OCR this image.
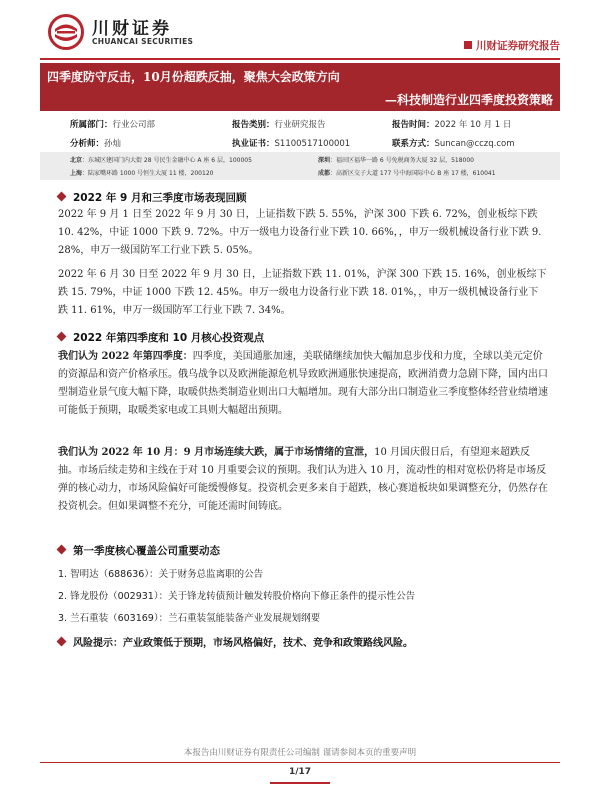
川财证券
CHUANCAI SECURITIES	川财证券研究报告
四季度防守反击，10月份超跌反抽，聚焦大会政策方向
—科技制造行业四季度投资策略
所属部门：行业公司部	报告类别：行业研究报告	报告时间：2022 年 10 月 1 日
分析师：孙灿	执业证书：S1100517100001	联系方式：Suncan@cczq.com
北京：东城区建国门内大街 28 号民生金融中心 A 座 6 层，100005	深圳：福田区福华一路 6 号免税商务大厦 32 层，518000
上海：陆家嘴环路 1000 号恒生大厦 11 楼，200120	成都：高新区交子大道 177 号中海国际中心 B 座 17 楼，610041
2022 年 9 月和三季度市场表现回顾
2022 年 9 月 1 日至 2022 年 9 月 30 日，上证指数下跌 5. 55%，沪深 300 下跌 6. 72%，创业板综下跌 10. 42%，中证 1000 下跌 9. 72%。中万一级电力设备行业下跌 10. 66%，，申万一级机械设备行业下跌 9. 28%，申万一级国防军工行业下跌 5. 05%。
2022 年 6 月 30 日至 2022 年 9 月 30 日，上证指数下跌 11. 01%，沪深 300 下跌 15. 16%，创业板综下跌 15. 79%，中证 1000 下跌 12. 45%。申万一级电力设备行业下跌 18. 01%，，申万一级机械设备行业下跌 11. 61%，申万一级国防军工行业下跌 7. 34%。
2022 年第四季度和 10 月核心投资观点
我们认为 2022 年第四季度：四季度，美国通胀加速，美联储继续加快大幅加息步伐和力度，全球以美元定价的资源品和资产价格承压。俄乌战争以及欧洲能源危机导致欧洲通胀快速提高，欧洲消费力急剧下降，国内出口型制造业景气度大幅下降，取暖供热类制造业则出口大幅增加。现有大部分出口制造业三季度整体经营业绩增速可能低于预期，取暖类家电或工具则大幅超出预期。
我们认为 2022 年 10 月：9 月市场连续大跌，属于市场情绪的宣泄，10 月国庆假日后，有望迎来超跌反抽。市场后续走势和主线在于对 10 月重要会议的预期。我们认为进入 10 月，流动性的相对宽松仍将是市场反弹的核心动力，市场风险偏好可能缓慢修复。投资机会更多来自于超跌，核心赛道板块如果调整充分，仍然存在投资机会。但如果调整不充分，可能还需时间铸底。
第一季度核心覆盖公司重要动态
1. 智明达（688636）：关于财务总监离职的公告
2. 锋龙股份（002931）：关于锋龙转债预计触发转股价格向下修正条件的提示性公告
3. 兰石重装（603169）：兰石重装氢能装备产业发展规划纲要
风险提示：产业政策低于预期，市场风格偏好，技术、竞争和政策路线风险。
本报告由川财证券有限责任公司编制 谨请参阅本页的重要声明
1/17
